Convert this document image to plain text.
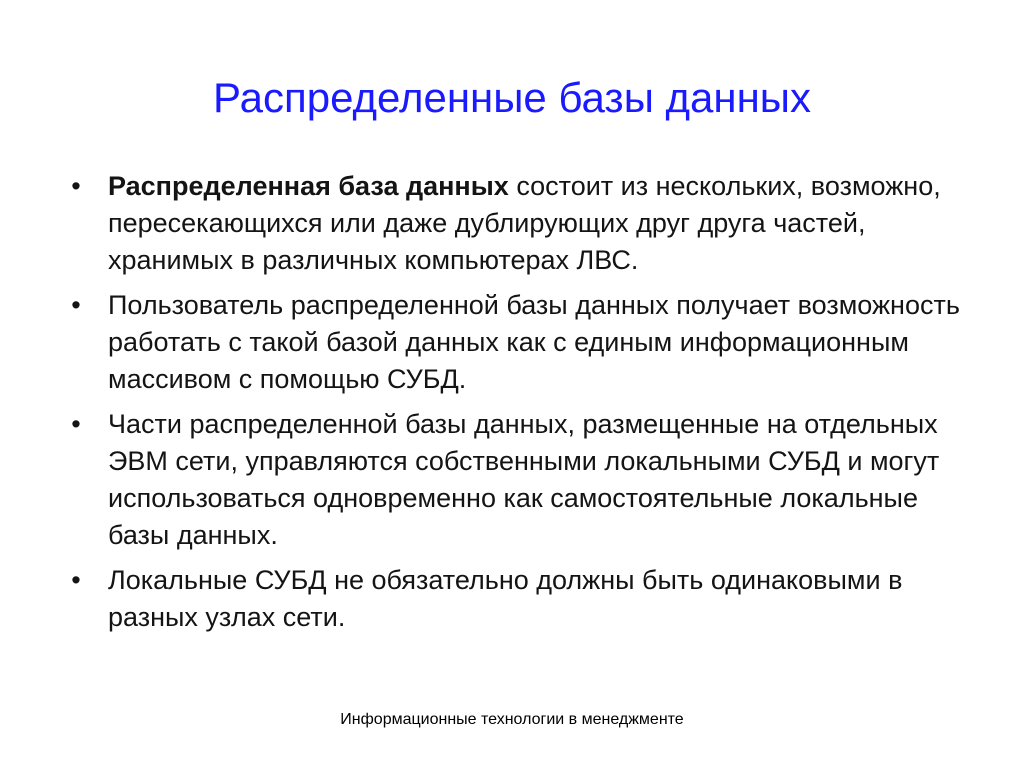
Распределенные базы данных
• Распределенная база данных состоит из нескольких, возможно, пересекающихся или даже дублирующих друг друга частей, хранимых в различных компьютерах ЛВС.
• Пользователь распределенной базы данных получает возможность работать с такой базой данных как с единым информационным массивом с помощью СУБД.
• Части распределенной базы данных, размещенные на отдельных ЭВМ сети, управляются собственными локальными СУБД и могут использоваться одновременно как самостоятельные локальные базы данных.
• Локальные СУБД не обязательно должны быть одинаковыми в разных узлах сети.
Информационные технологии в менеджменте
